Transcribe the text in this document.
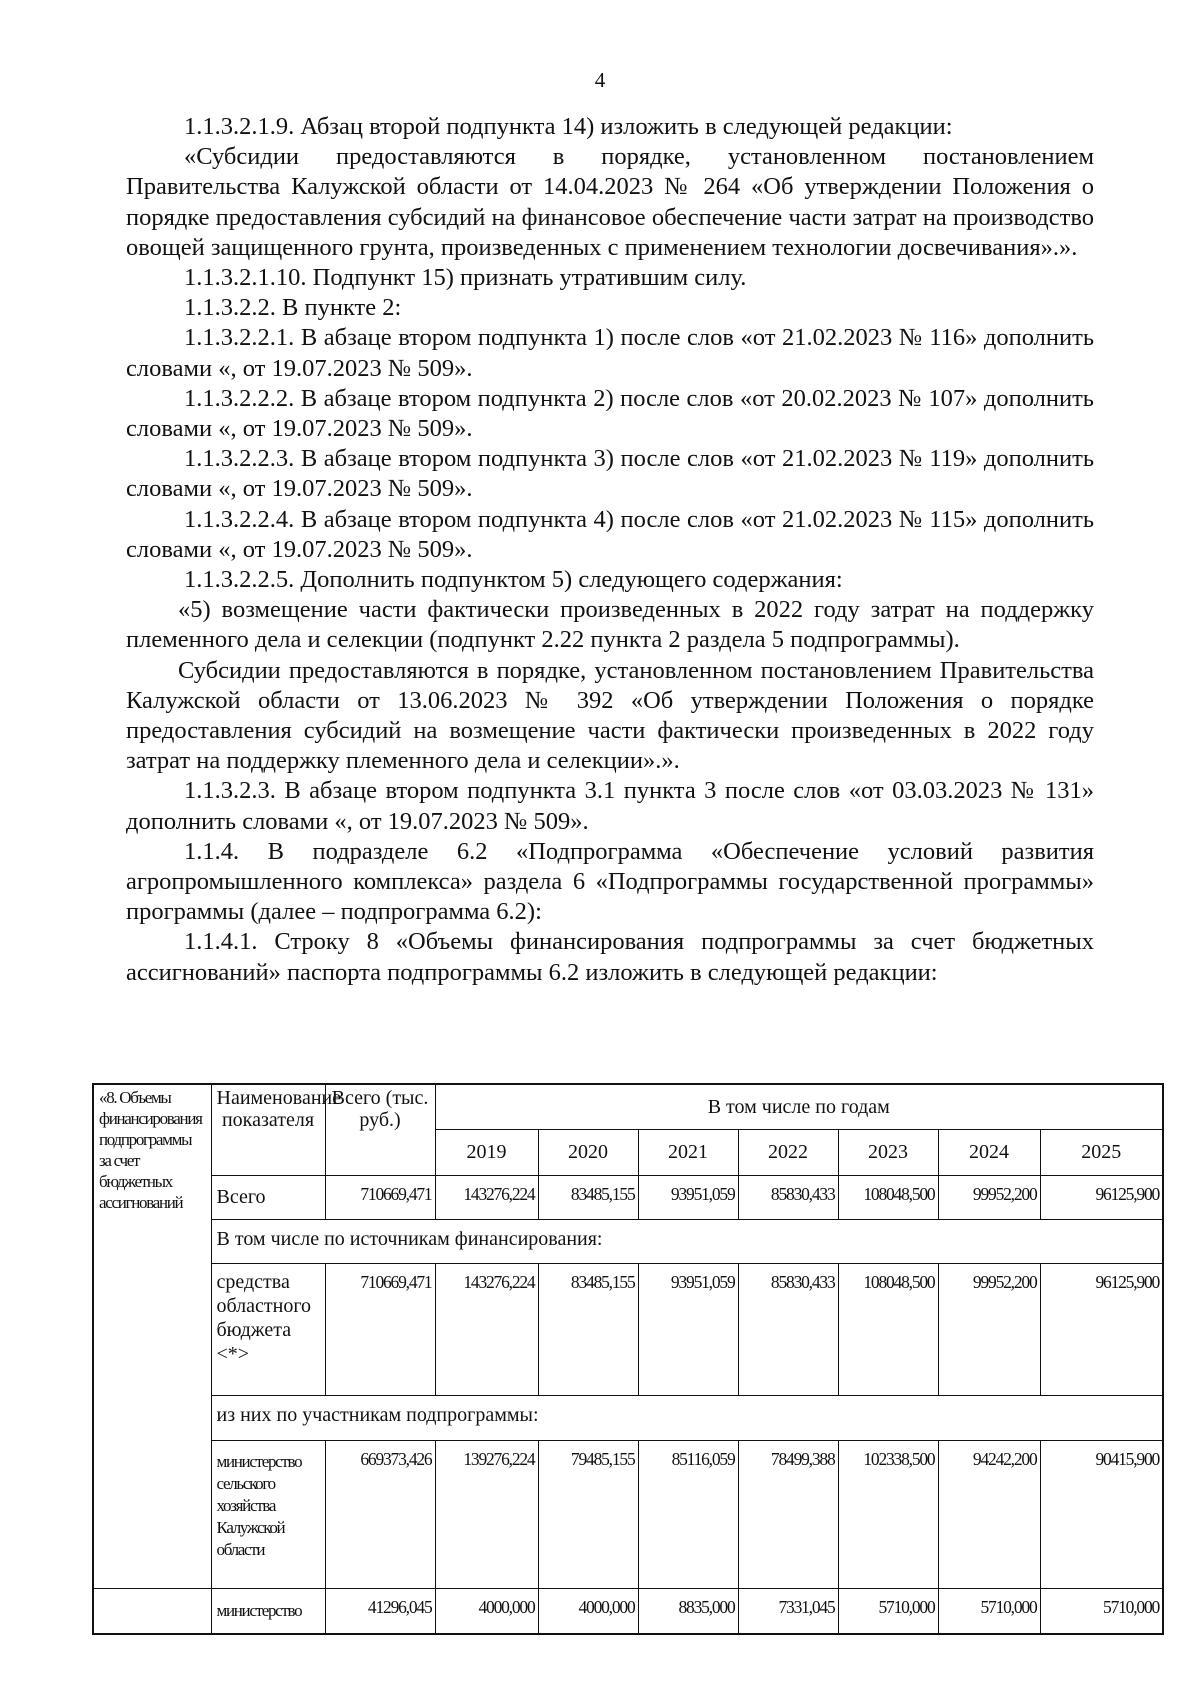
4

1.1.3.2.1.9. Абзац второй подпункта 14) изложить в следующей редакции:

«Субсидии предоставляются в порядке, установленном постановлением Правительства Калужской области от 14.04.2023 № 264 «Об утверждении Положения о порядке предоставления субсидий на финансовое обеспечение части затрат на производство овощей защищенного грунта, произведенных с применением технологии досвечивания».».

1.1.3.2.1.10. Подпункт 15) признать утратившим силу.

1.1.3.2.2. В пункте 2:

1.1.3.2.2.1. В абзаце втором подпункта 1) после слов «от 21.02.2023 № 116» дополнить словами «, от 19.07.2023 № 509».

1.1.3.2.2.2. В абзаце втором подпункта 2) после слов «от 20.02.2023 № 107» дополнить словами «, от 19.07.2023 № 509».

1.1.3.2.2.3. В абзаце втором подпункта 3) после слов «от 21.02.2023 № 119» дополнить словами «, от 19.07.2023 № 509».

1.1.3.2.2.4. В абзаце втором подпункта 4) после слов «от 21.02.2023 № 115» дополнить словами «, от 19.07.2023 № 509».

1.1.3.2.2.5. Дополнить подпунктом 5) следующего содержания:

«5) возмещение части фактически произведенных в 2022 году затрат на поддержку племенного дела и селекции (подпункт 2.22 пункта 2 раздела 5 подпрограммы).

Субсидии предоставляются в порядке, установленном постановлением Правительства Калужской области от 13.06.2023 № 392 «Об утверждении Положения о порядке предоставления субсидий на возмещение части фактически произведенных в 2022 году затрат на поддержку племенного дела и селекции».».

1.1.3.2.3. В абзаце втором подпункта 3.1 пункта 3 после слов «от 03.03.2023 № 131» дополнить словами «, от 19.07.2023 № 509».

1.1.4. В подразделе 6.2 «Подпрограмма «Обеспечение условий развития агропромышленного комплекса» раздела 6 «Подпрограммы государственной программы» программы (далее – подпрограмма 6.2):

1.1.4.1. Строку 8 «Объемы финансирования подпрограммы за счет бюджетных ассигнований» паспорта подпрограммы 6.2 изложить в следующей редакции:

«8. Объемы финансирования подпрограммы за счет бюджетных ассигнований	Наименование показателя	Всего (тыс. руб.)	В том числе по годам						
			2019	2020	2021	2022	2023	2024	2025
	Всего	710669,471	143276,224	83485,155	93951,059	85830,433	108048,500	99952,200	96125,900
	В том числе по источникам финансирования:								
	средства областного бюджета <*>	710669,471	143276,224	83485,155	93951,059	85830,433	108048,500	99952,200	96125,900
	из них по участникам подпрограммы:								
	министерство сельского хозяйства Калужской области	669373,426	139276,224	79485,155	85116,059	78499,388	102338,500	94242,200	90415,900
	министерство	41296,045	4000,000	4000,000	8835,000	7331,045	5710,000	5710,000	5710,000
